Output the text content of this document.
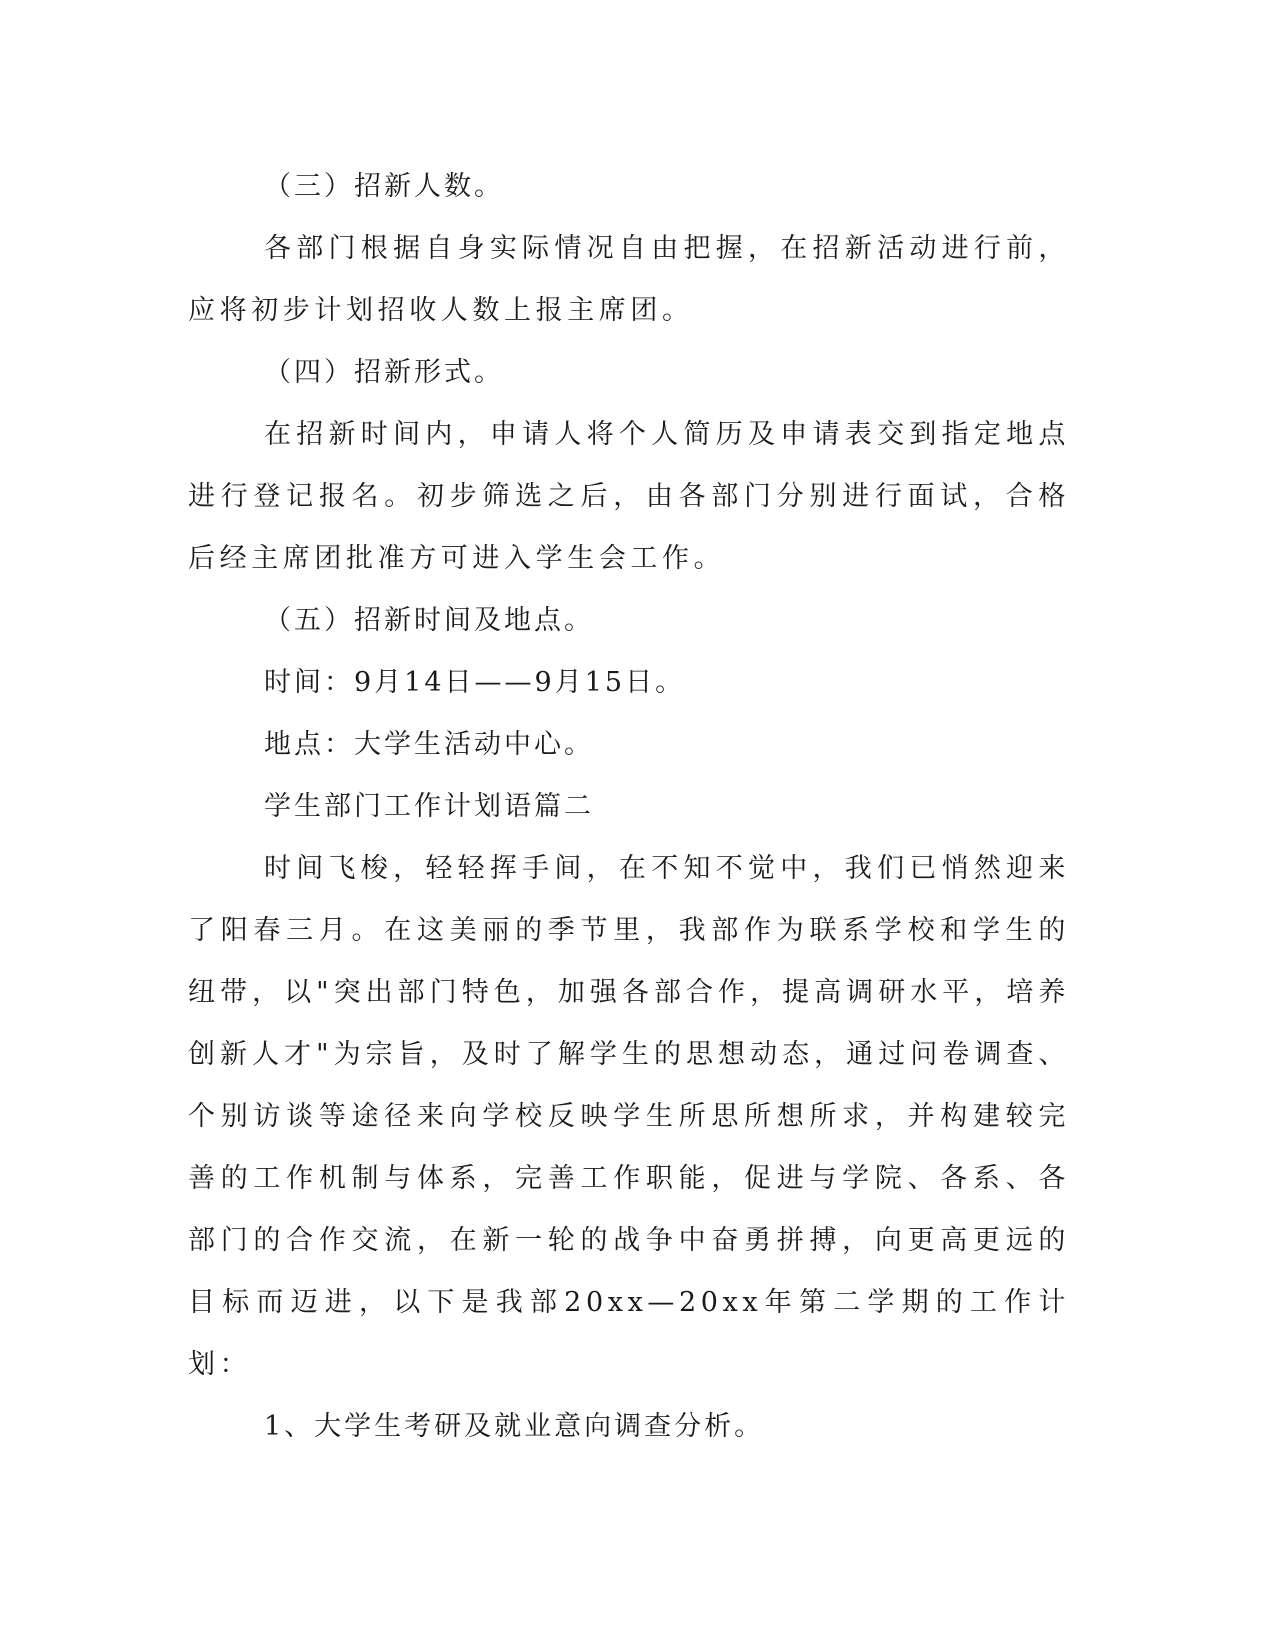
（三）招新人数。

各部门根据自身实际情况自由把握，在招新活动进行前，应将初步计划招收人数上报主席团。

（四）招新形式。

在招新时间内，申请人将个人简历及申请表交到指定地点进行登记报名。初步筛选之后，由各部门分别进行面试，合格后经主席团批准方可进入学生会工作。

（五）招新时间及地点。

时间：9月14日——9月15日。

地点：大学生活动中心。

学生部门工作计划语篇二

时间飞梭，轻轻挥手间，在不知不觉中，我们已悄然迎来了阳春三月。在这美丽的季节里，我部作为联系学校和学生的纽带，以"突出部门特色，加强各部合作，提高调研水平，培养创新人才"为宗旨，及时了解学生的思想动态，通过问卷调查、个别访谈等途径来向学校反映学生所思所想所求，并构建较完善的工作机制与体系，完善工作职能，促进与学院、各系、各部门的合作交流，在新一轮的战争中奋勇拼搏，向更高更远的目标而迈进，以下是我部20xx—20xx年第二学期的工作计划：

1、大学生考研及就业意向调查分析。
